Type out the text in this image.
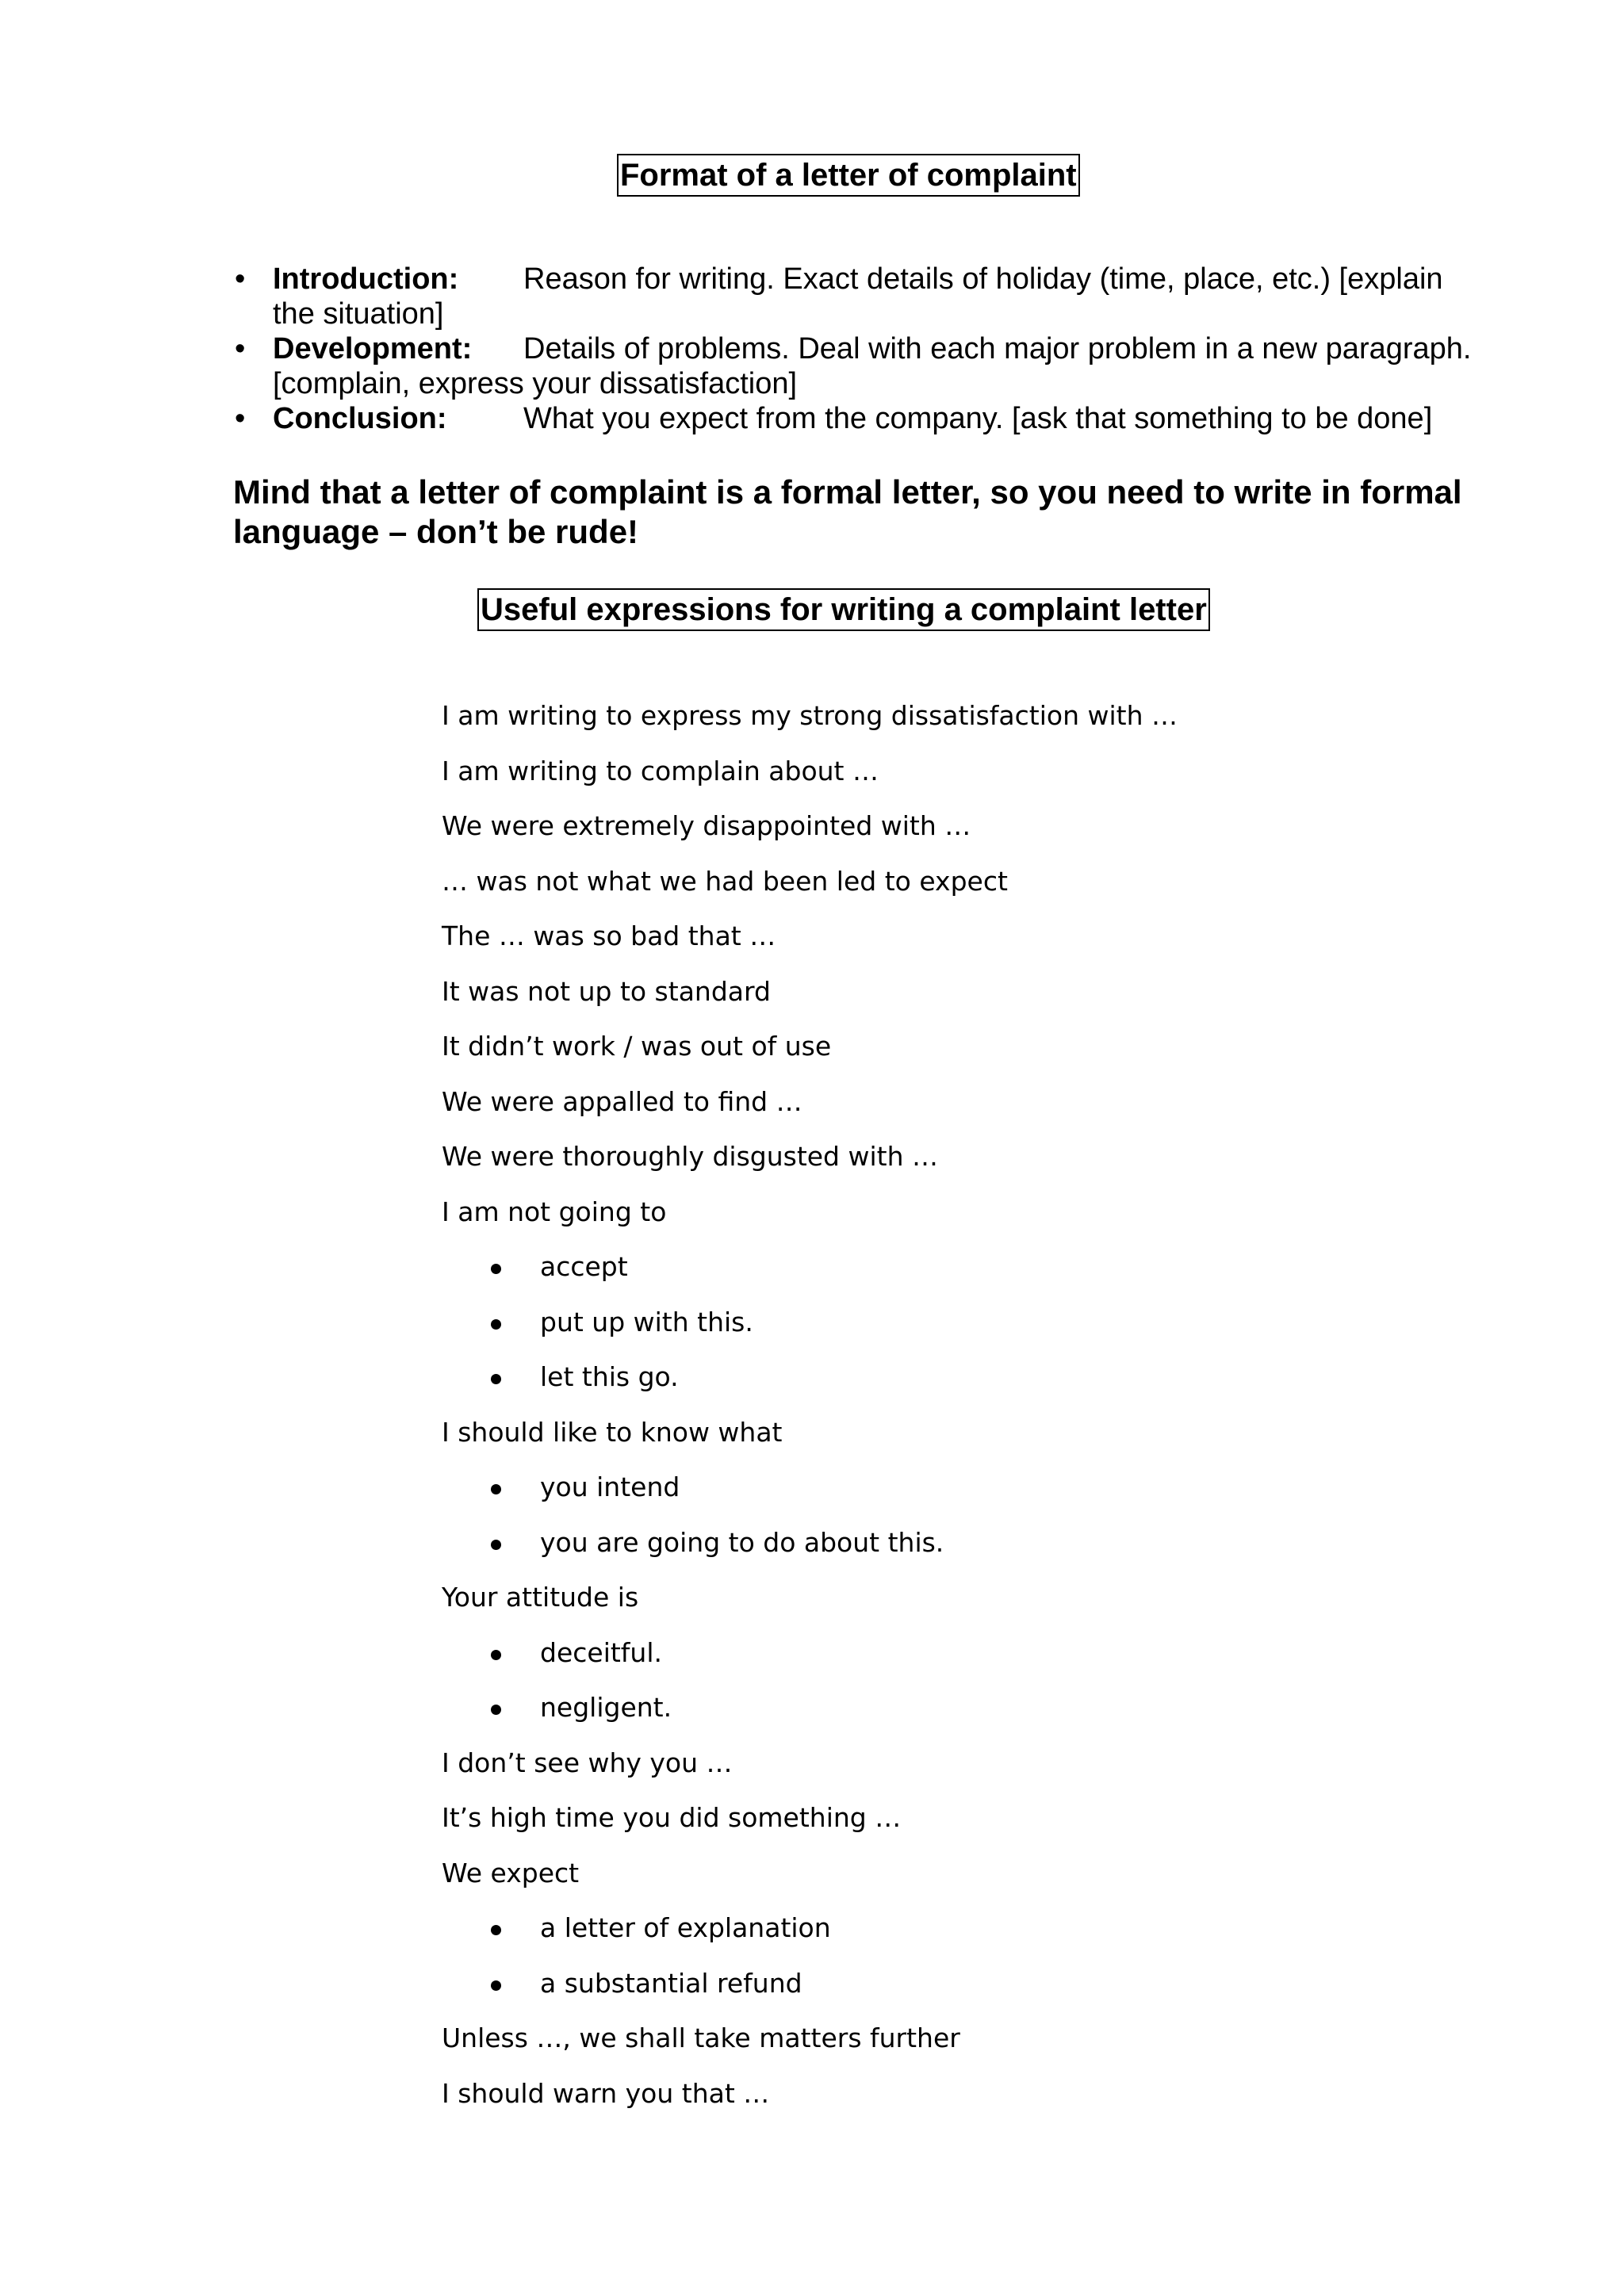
Format of a letter of complaint
• Introduction: Reason for writing. Exact details of holiday (time, place, etc.) [explain the situation]
• Development: Details of problems. Deal with each major problem in a new paragraph. [complain, express your dissatisfaction]
• Conclusion:	What you expect from the company. [ask that something to be done]

Mind that a letter of complaint is a formal letter, so you need to write in formal language – don’t be rude!

Useful expressions for writing a complaint letter
I am writing to express my strong dissatisfaction with …
I am writing to complain about …
We were extremely disappointed with …
… was not what we had been led to expect
The … was so bad that …
It was not up to standard
It didn’t work / was out of use
We were appalled to find …
We were thoroughly disgusted with …
I am not going to
accept
put up with this.
let this go.
I should like to know what
you intend
you are going to do about this.
Your attitude is
deceitful.
negligent.
I don’t see why you …
It’s high time you did something …
We expect
a letter of explanation
a substantial refund
Unless …, we shall take matters further
I should warn you that …
